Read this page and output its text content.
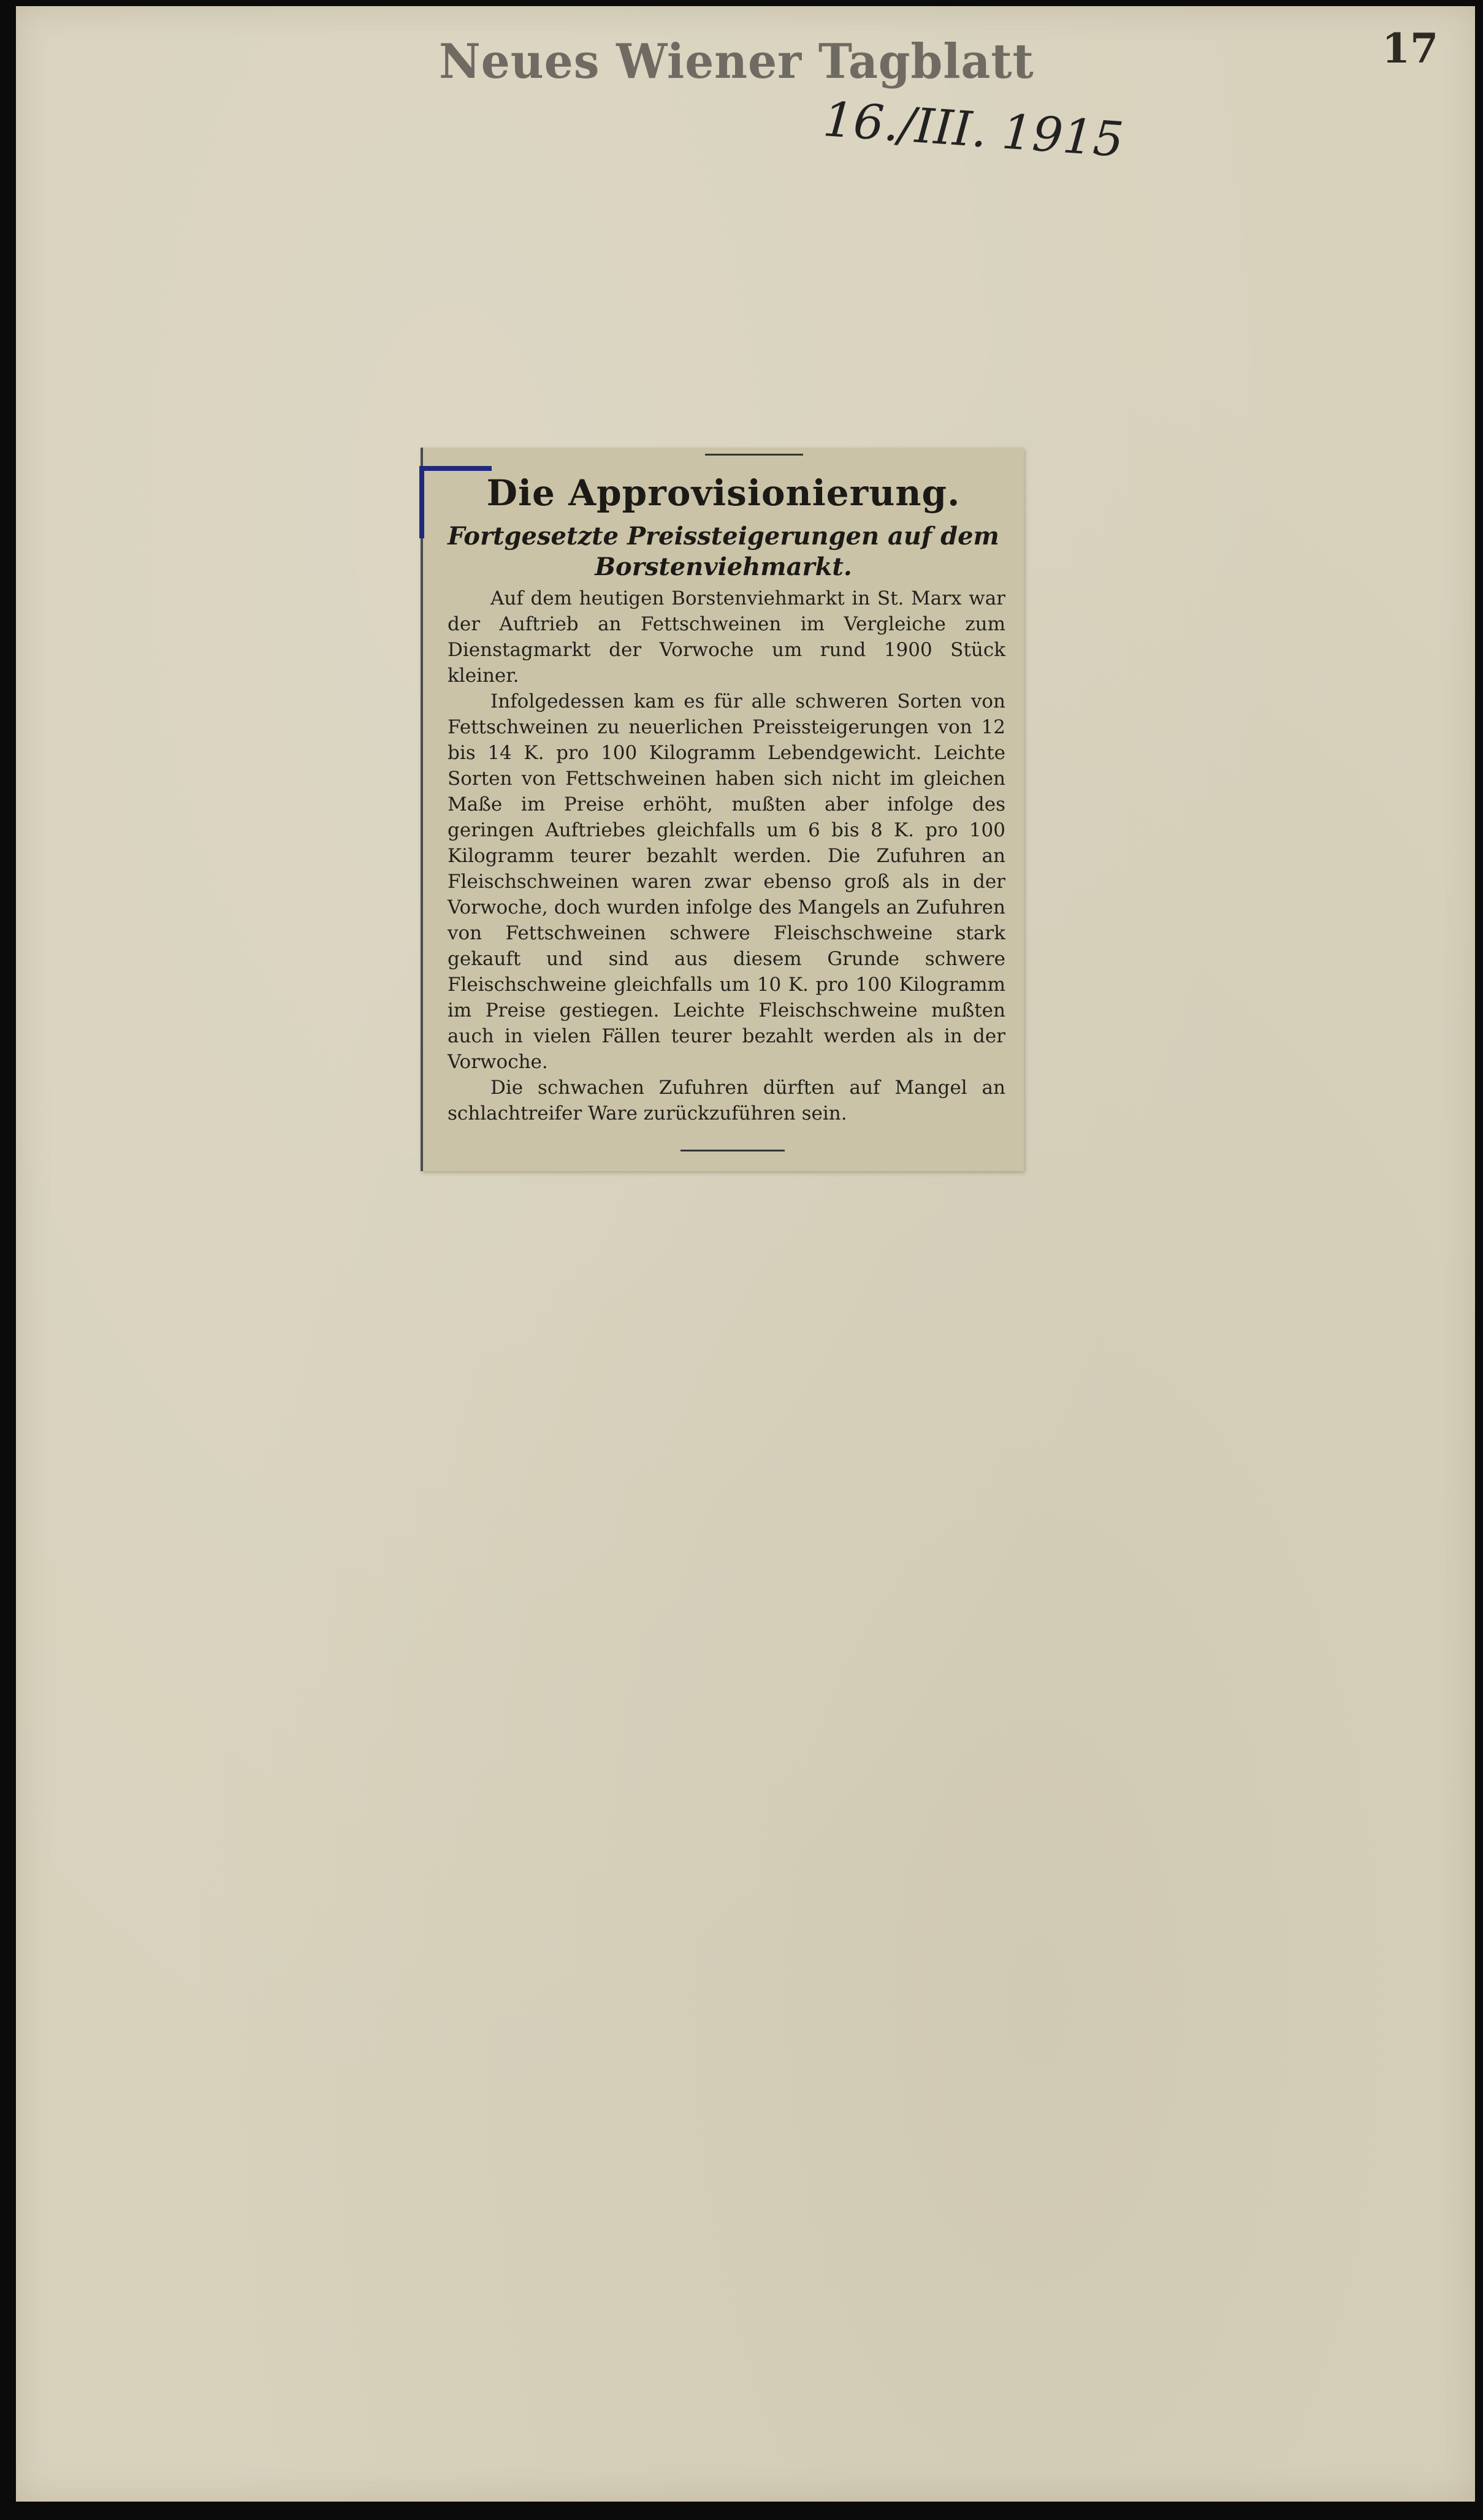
Neues Wiener Tagblatt	17
16./III. 1915
Die Approvisionierung.
Fortgesetzte Preissteigerungen auf dem Borstenviehmarkt.

Auf dem heutigen Borstenviehmarkt in St. Marx war der Auftrieb an Fettschweinen im Vergleiche zum Dienstagmarkt der Vorwoche um rund 1900 Stück kleiner.

Infolgedessen kam es für alle schweren Sorten von Fettschweinen zu neuerlichen Preissteigerungen von 12 bis 14 K. pro 100 Kilogramm Lebendgewicht. Leichte Sorten von Fettschweinen haben sich nicht im gleichen Maße im Preise erhöht, mußten aber infolge des geringen Auftriebes gleichfalls um 6 bis 8 K. pro 100 Kilogramm teurer bezahlt werden. Die Zufuhren an Fleischschweinen waren zwar ebenso groß als in der Vorwoche, doch wurden infolge des Mangels an Zufuhren von Fettschweinen schwere Fleischschweine stark gekauft und sind aus diesem Grunde schwere Fleischschweine gleichfalls um 10 K. pro 100 Kilogramm im Preise gestiegen. Leichte Fleischschweine mußten auch in vielen Fällen teurer bezahlt werden als in der Vorwoche.

Die schwachen Zufuhren dürften auf Mangel an schlachtreifer Ware zurückzuführen sein.
